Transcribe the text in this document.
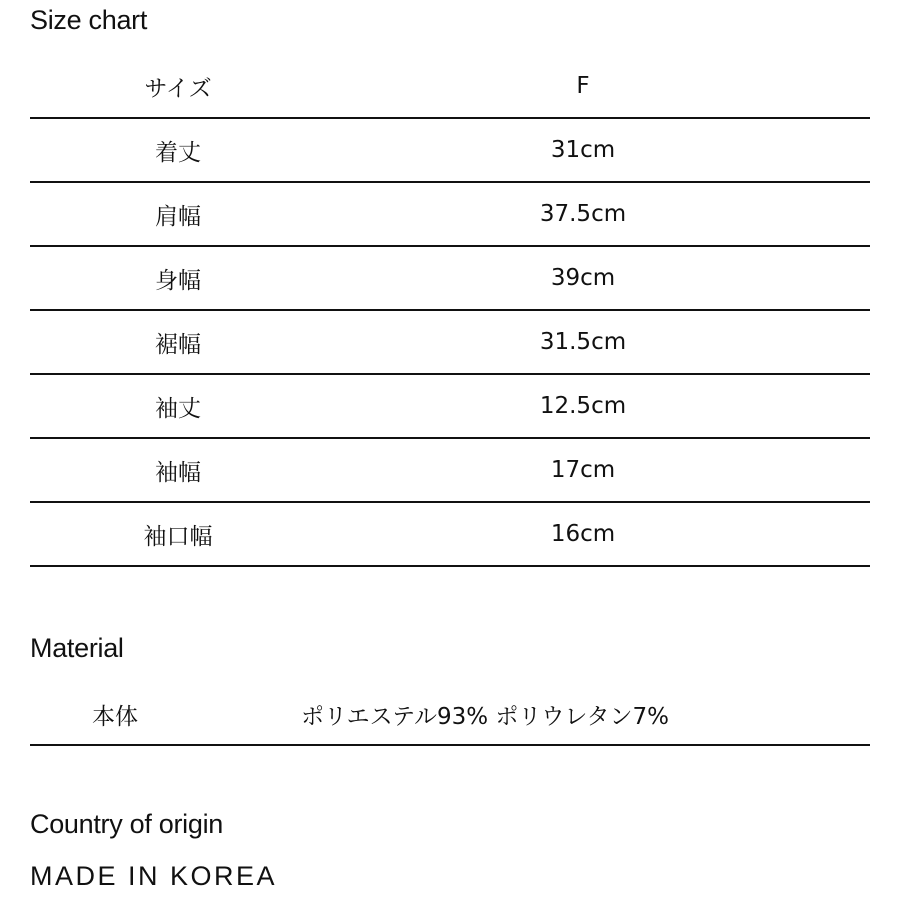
Size chart
サイズ	F
着丈	31cm
肩幅	37.5cm
身幅	39cm
裾幅	31.5cm
袖丈	12.5cm
袖幅	17cm
袖口幅	16cm
Material
本体	ポリエステル93% ポリウレタン7%
Country of origin
MADE IN KOREA
